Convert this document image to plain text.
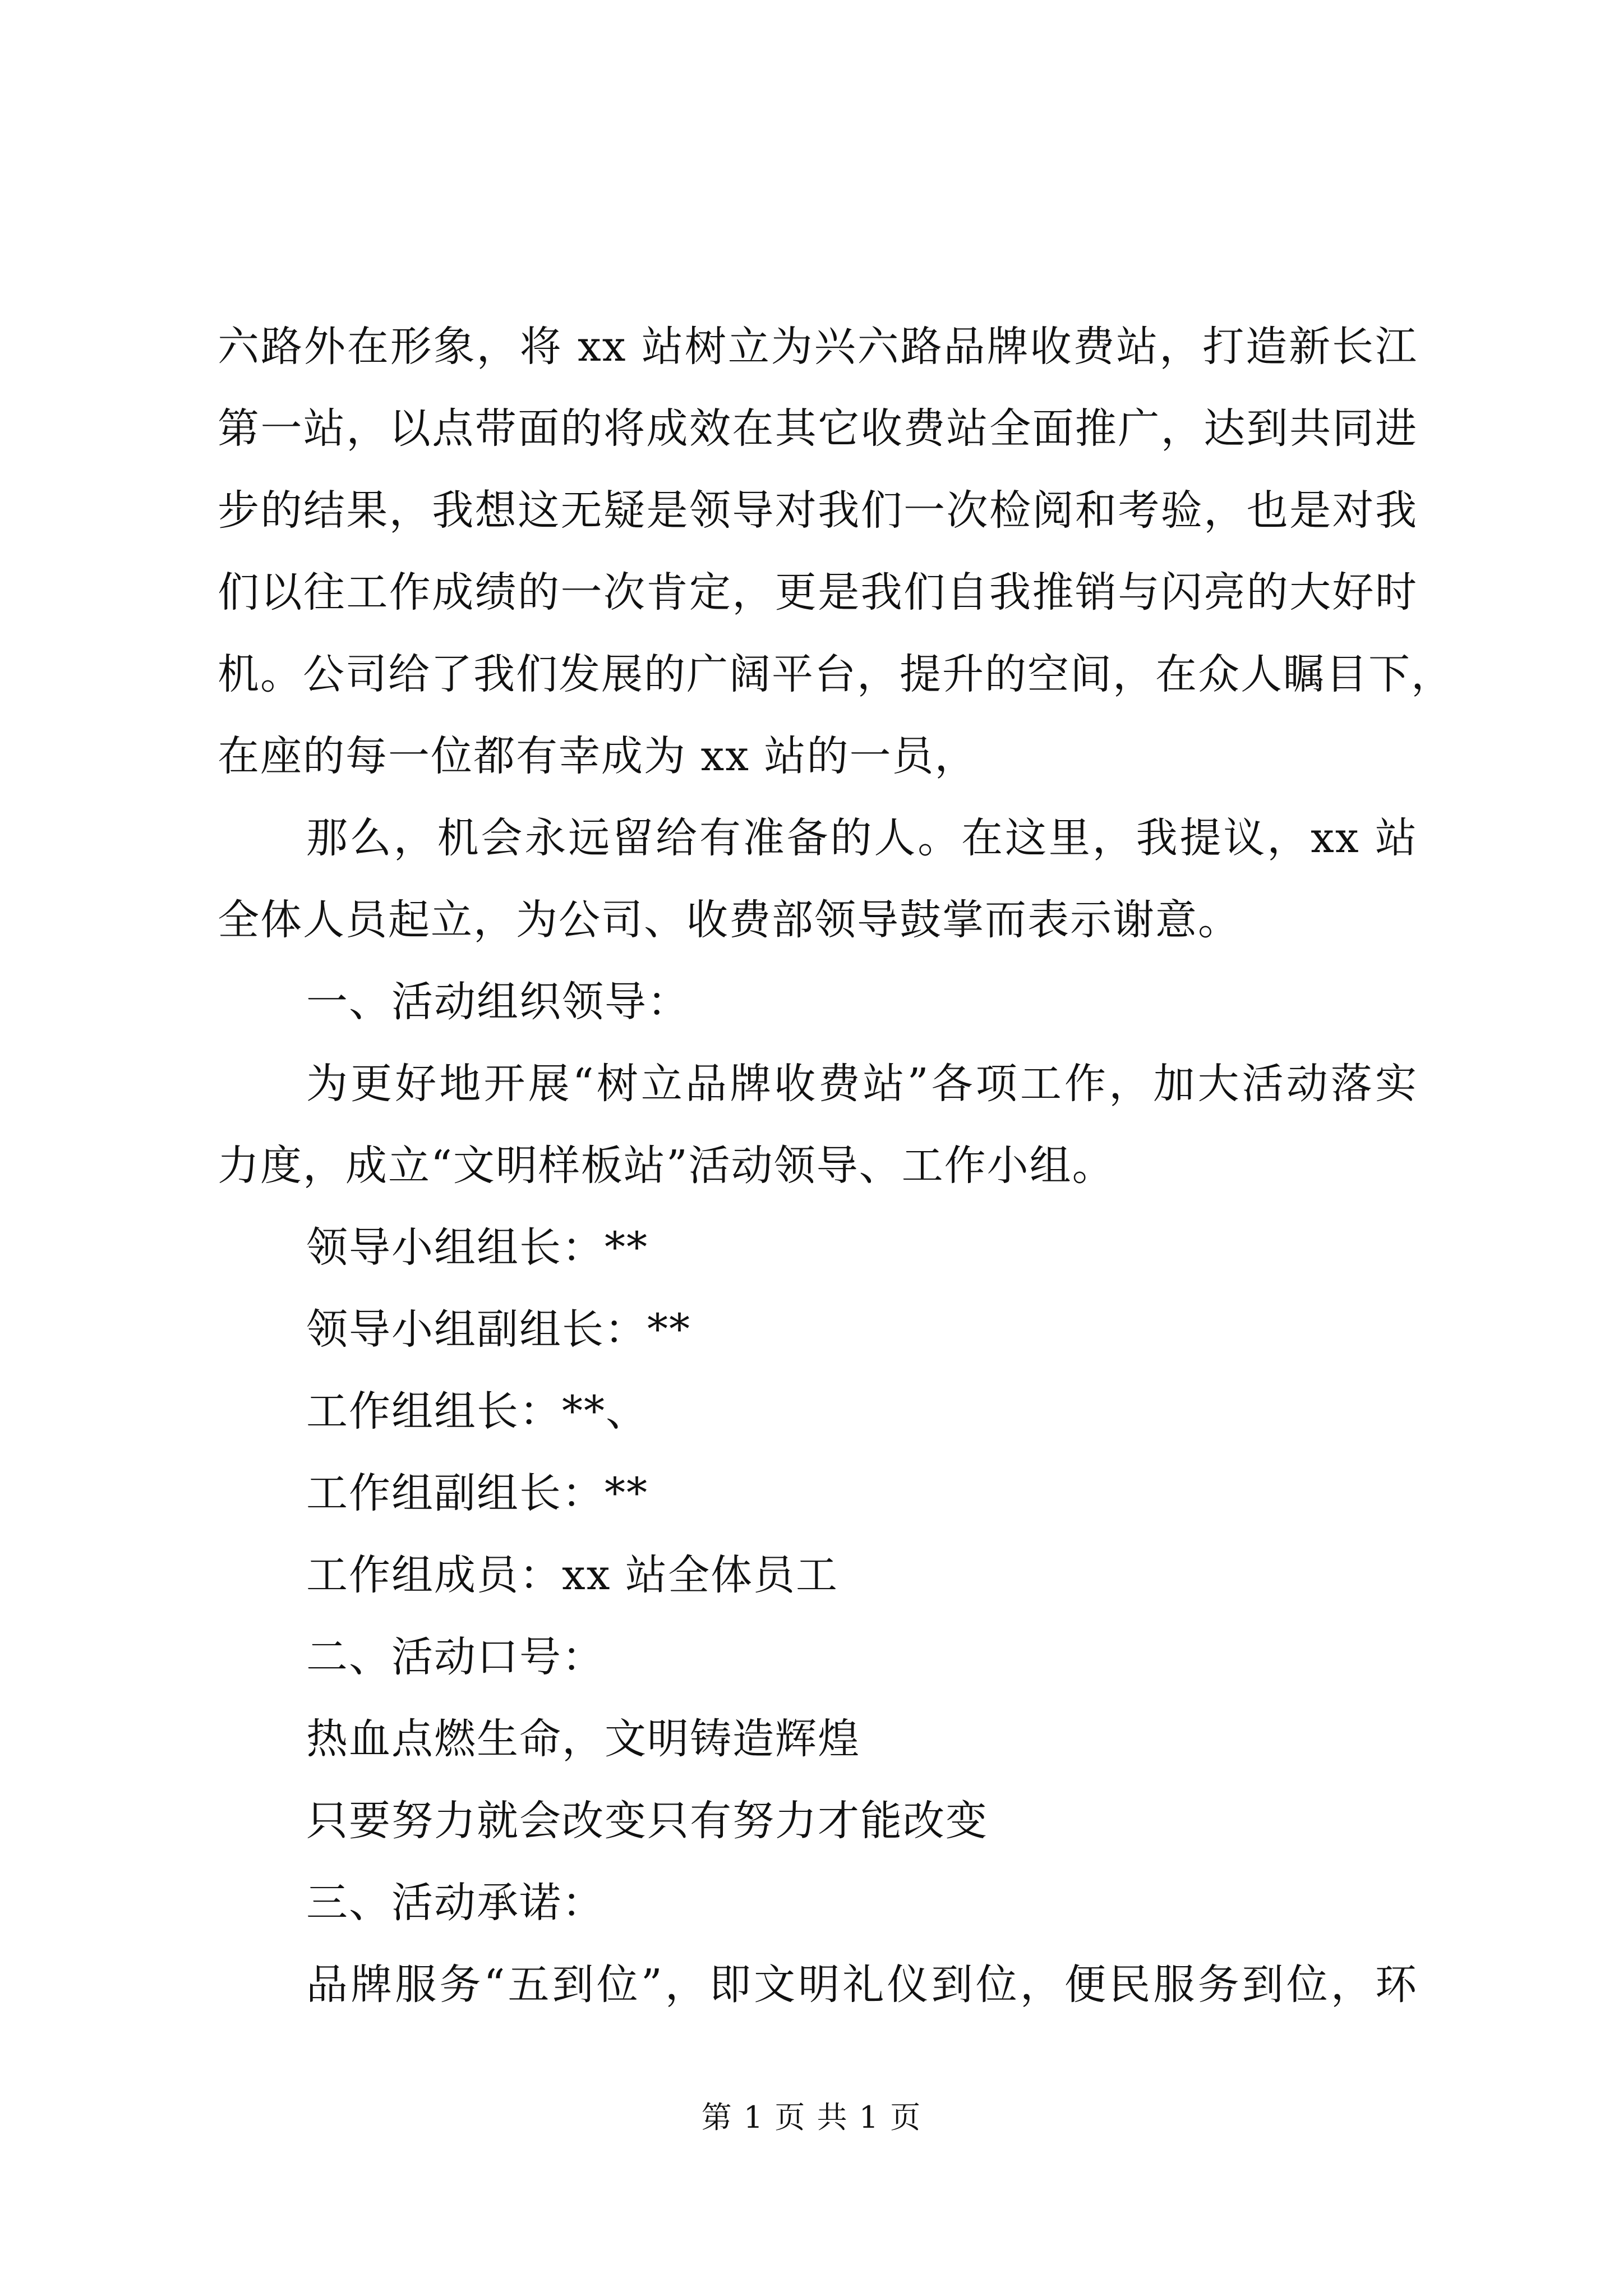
六路外在形象，将 xx 站树立为兴六路品牌收费站，打造新长江
第一站，以点带面的将成效在其它收费站全面推广，达到共同进
步的结果，我想这无疑是领导对我们一次检阅和考验，也是对我
们以往工作成绩的一次肯定，更是我们自我推销与闪亮的大好时
机。公司给了我们发展的广阔平台，提升的空间，在众人瞩目下，
在座的每一位都有幸成为 xx 站的一员，
那么，机会永远留给有准备的人。在这里，我提议，xx 站
全体人员起立，为公司、收费部领导鼓掌而表示谢意。
一、活动组织领导：
为更好地开展“树立品牌收费站”各项工作，加大活动落实
力度，成立“文明样板站”活动领导、工作小组。
领导小组组长：**
领导小组副组长：**
工作组组长：**、
工作组副组长：**
工作组成员：xx 站全体员工
二、活动口号：
热血点燃生命，文明铸造辉煌
只要努力就会改变只有努力才能改变
三、活动承诺：
品牌服务“五到位”，即文明礼仪到位，便民服务到位，环
第 1 页 共 1 页
